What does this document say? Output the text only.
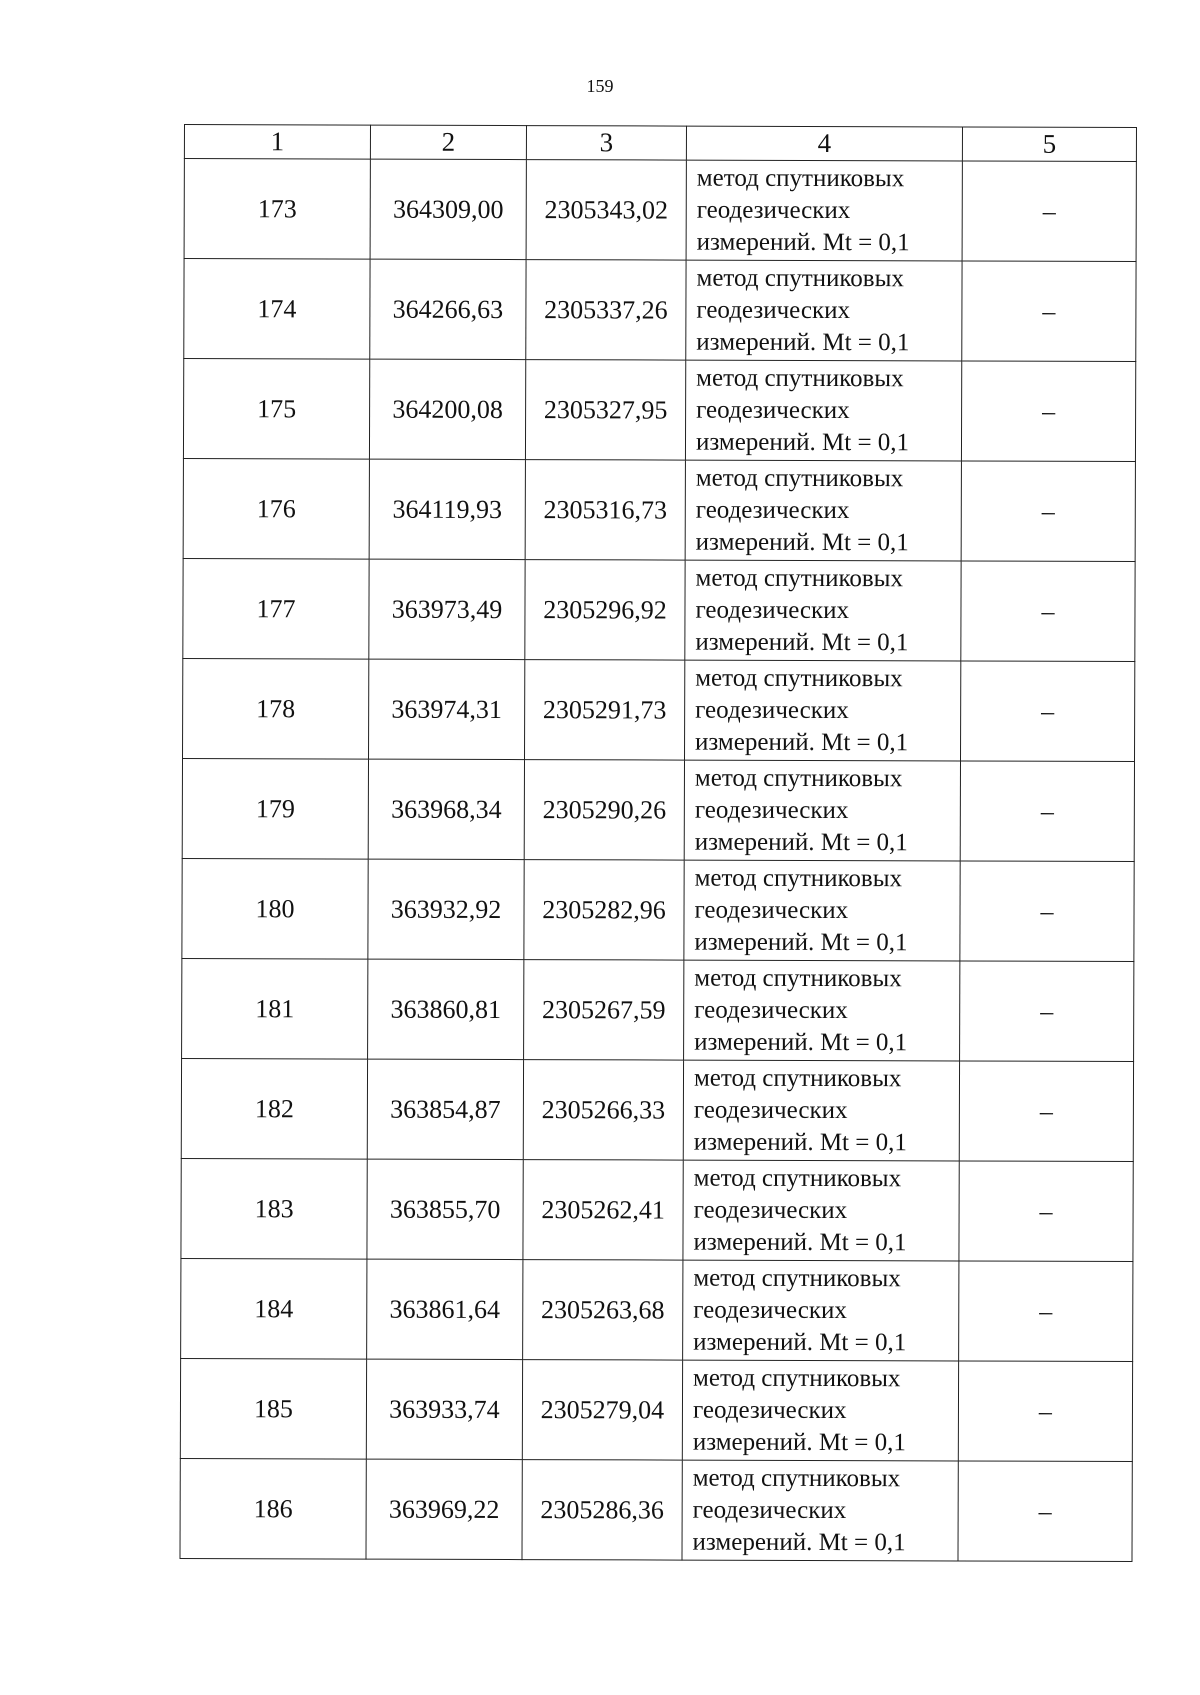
159
1	2	3	4	5
173	364309,00	2305343,02	метод спутниковых
геодезических
измерений. Mt = 0,1	–
174	364266,63	2305337,26	метод спутниковых
геодезических
измерений. Mt = 0,1	–
175	364200,08	2305327,95	метод спутниковых
геодезических
измерений. Mt = 0,1	–
176	364119,93	2305316,73	метод спутниковых
геодезических
измерений. Mt = 0,1	–
177	363973,49	2305296,92	метод спутниковых
геодезических
измерений. Mt = 0,1	–
178	363974,31	2305291,73	метод спутниковых
геодезических
измерений. Mt = 0,1	–
179	363968,34	2305290,26	метод спутниковых
геодезических
измерений. Mt = 0,1	–
180	363932,92	2305282,96	метод спутниковых
геодезических
измерений. Mt = 0,1	–
181	363860,81	2305267,59	метод спутниковых
геодезических
измерений. Mt = 0,1	–
182	363854,87	2305266,33	метод спутниковых
геодезических
измерений. Mt = 0,1	–
183	363855,70	2305262,41	метод спутниковых
геодезических
измерений. Mt = 0,1	–
184	363861,64	2305263,68	метод спутниковых
геодезических
измерений. Mt = 0,1	–
185	363933,74	2305279,04	метод спутниковых
геодезических
измерений. Mt = 0,1	–
186	363969,22	2305286,36	метод спутниковых
геодезических
измерений. Mt = 0,1	–
